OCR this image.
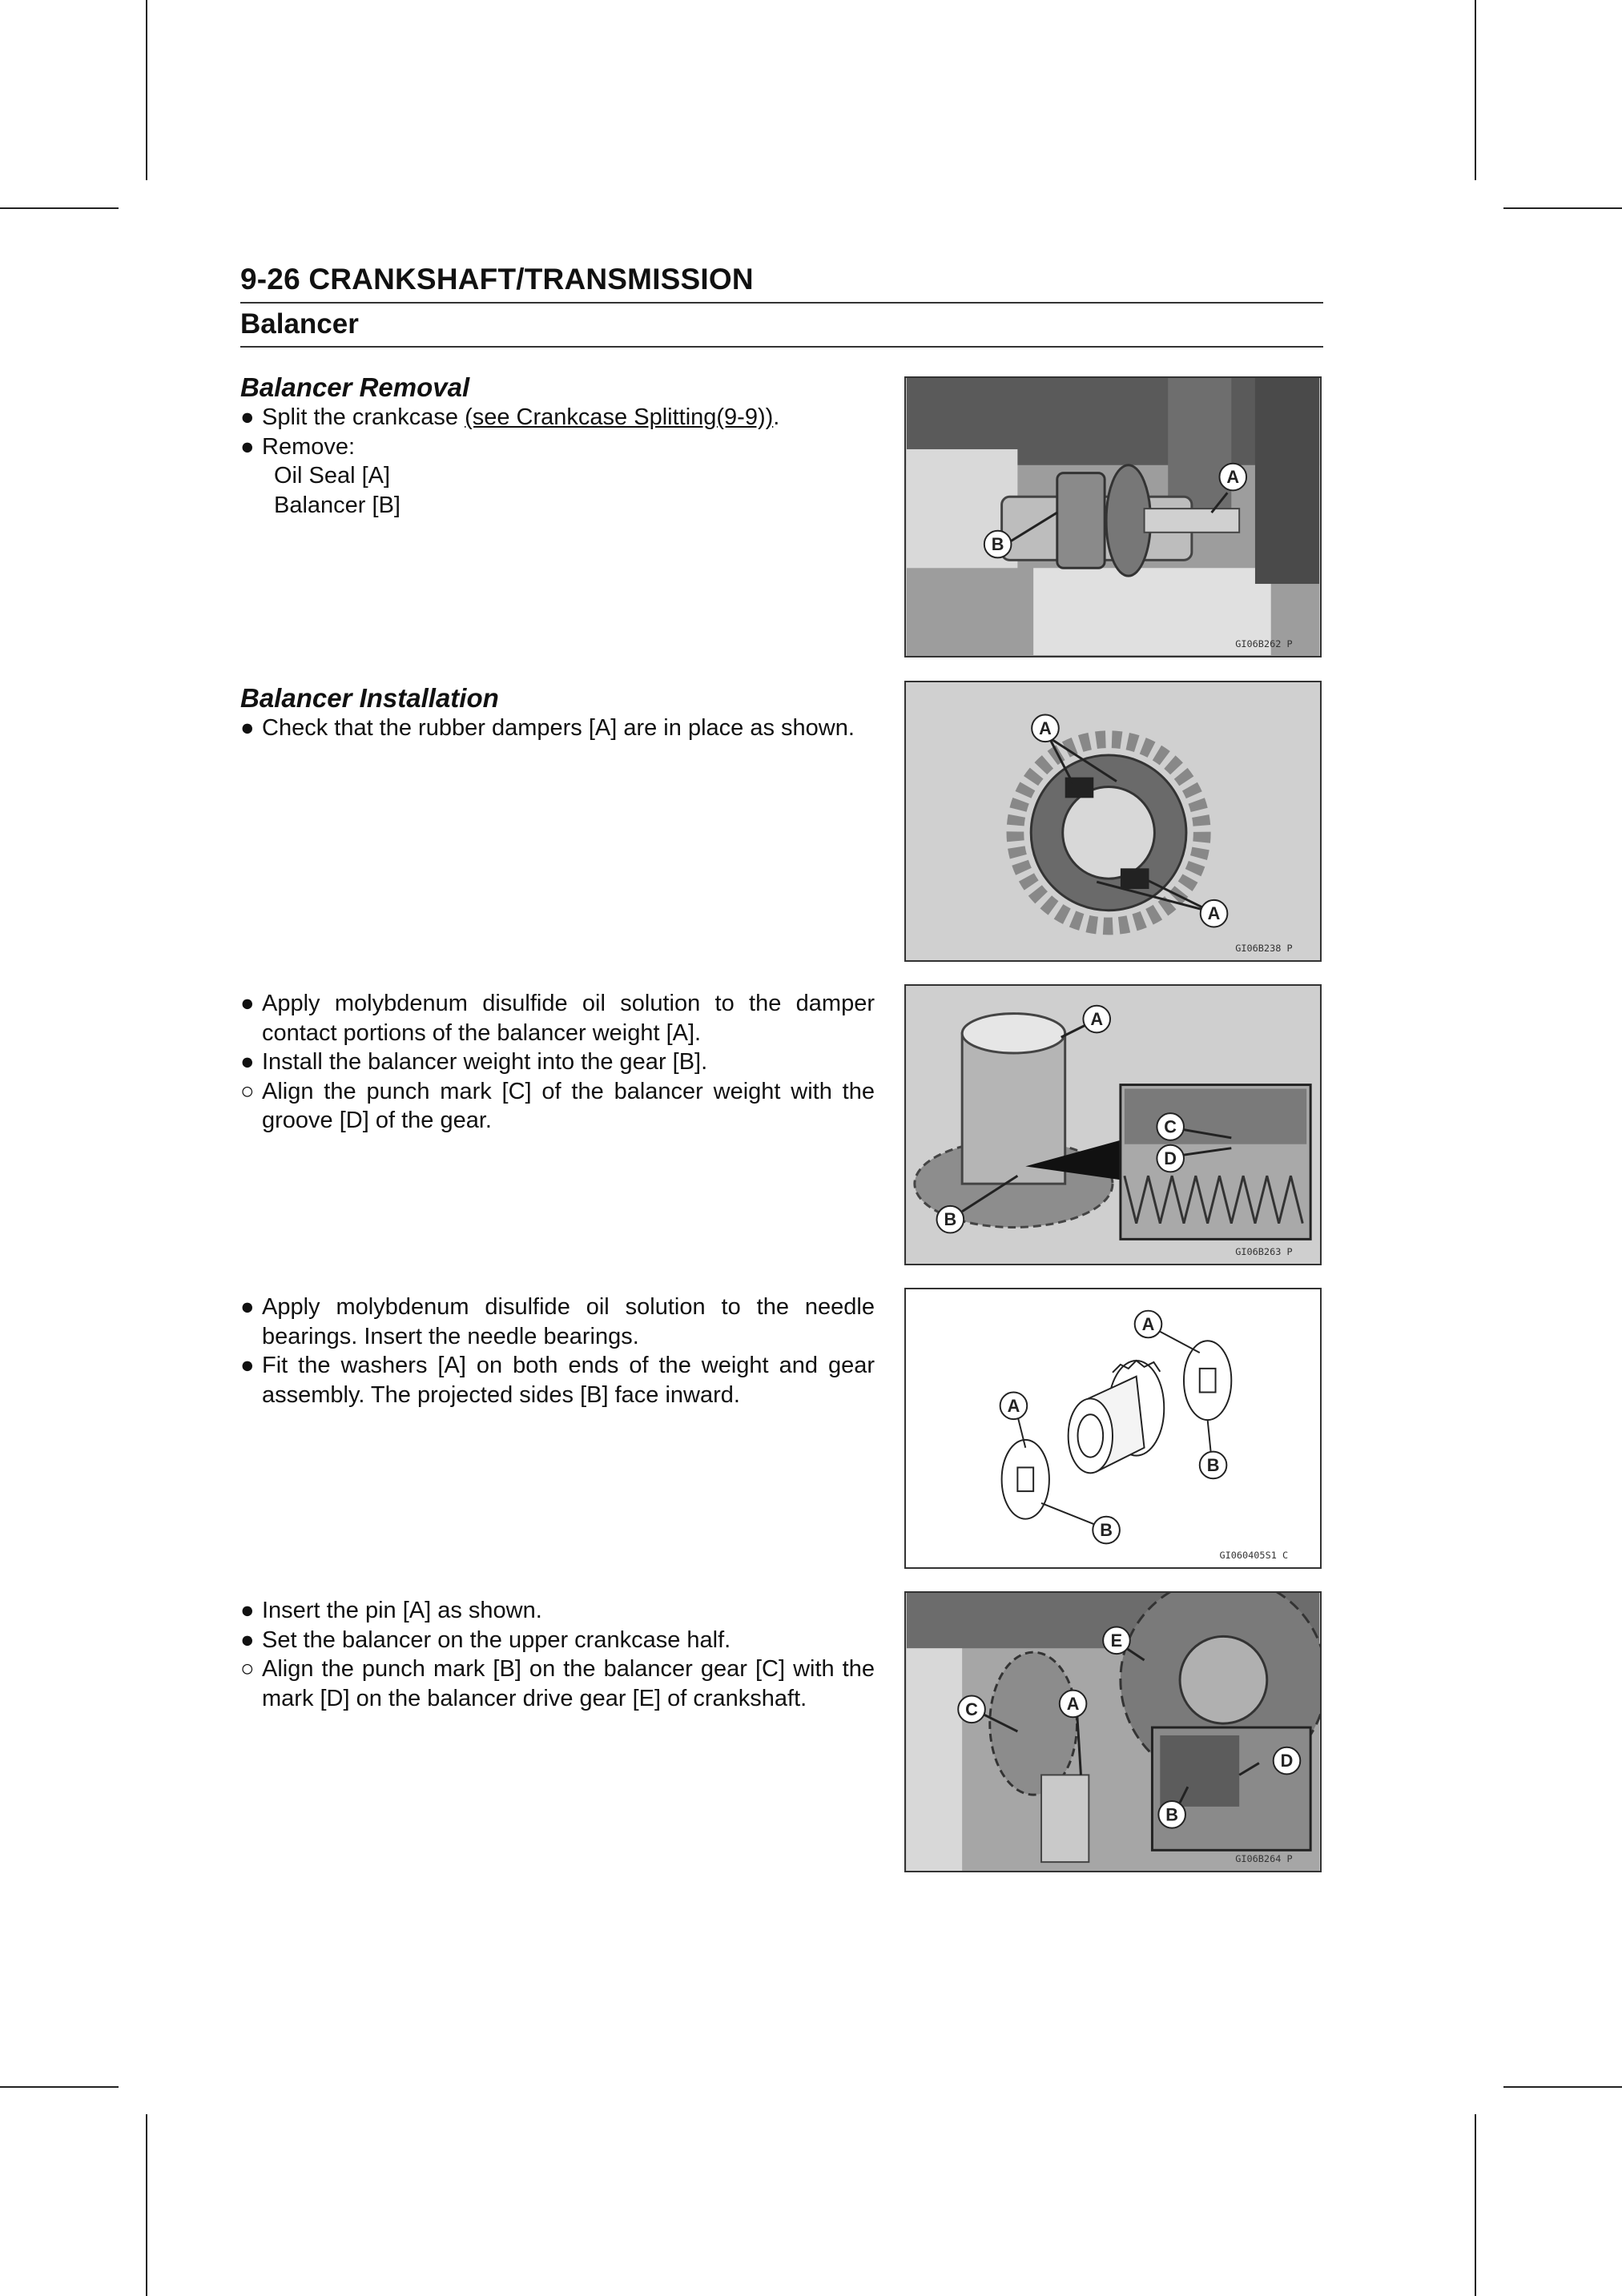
9-26 CRANKSHAFT/TRANSMISSION
Balancer
Balancer Removal
● Split the crankcase (see Crankcase Splitting(9-9)).
● Remove:
Oil Seal [A]
Balancer [B]
A
B
GI06B262 P
Balancer Installation
● Check that the rubber dampers [A] are in place as shown.	A
A
GI06B238 P
● Apply molybdenum disulfide oil solution to the damper
contact portions of the balancer weight [A].
● Install the balancer weight into the gear [B].
○ Align the punch mark [C] of the balancer weight with the
groove [D] of the gear.
A
B
C
D
GI06B263 P
● Apply molybdenum disulfide oil solution to the needle
bearings. Insert the needle bearings.
● Fit the washers [A] on both ends of the weight and gear
assembly. The projected sides [B] face inward.
A
A
B
B
GI060405S1 C
● Insert the pin [A] as shown.
● Set the balancer on the upper crankcase half.
○ Align the punch mark [B] on the balancer gear [C] with the
mark [D] on the balancer drive gear [E] of crankshaft.
E
C	A
D
B
GI06B264 P
